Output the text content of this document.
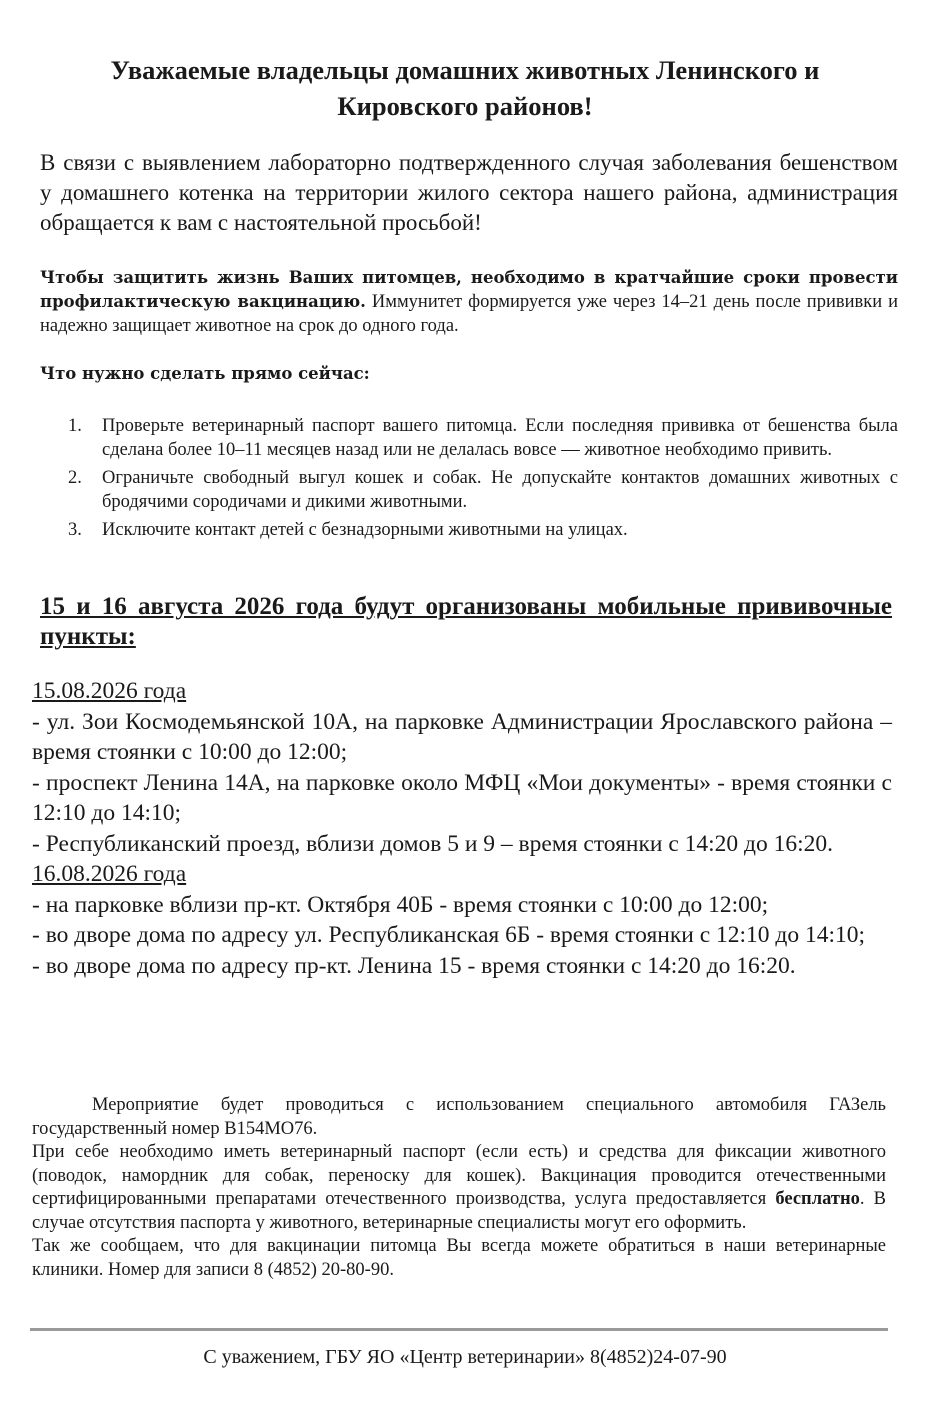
Уважаемые владельцы домашних животных Ленинского и Кировского районов!

В связи с выявлением лабораторно подтвержденного случая заболевания бешенством у домашнего котенка на территории жилого сектора нашего района, администрация обращается к вам с настоятельной просьбой!

Чтобы защитить жизнь Ваших питомцев, необходимо в кратчайшие сроки провести профилактическую вакцинацию. Иммунитет формируется уже через 14–21 день после прививки и надежно защищает животное на срок до одного года.

Что нужно сделать прямо сейчас:

1. Проверьте ветеринарный паспорт вашего питомца. Если последняя прививка от бешенства была сделана более 10–11 месяцев назад или не делалась вовсе — животное необходимо привить.
2. Ограничьте свободный выгул кошек и собак. Не допускайте контактов домашних животных с бродячими сородичами и дикими животными.
3. Исключите контакт детей с безнадзорными животными на улицах.

15 и 16 августа 2026 года будут организованы мобильные прививочные пункты:

15.08.2026 года

- ул. Зои Космодемьянской 10А, на парковке Администрации Ярославского района – время стоянки с 10:00 до 12:00;

- проспект Ленина 14А, на парковке около МФЦ «Мои документы» - время стоянки с 12:10 до 14:10;

- Республиканский проезд, вблизи домов 5 и 9 – время стоянки с 14:20 до 16:20.

16.08.2026 года

- на парковке вблизи пр-кт. Октября 40Б - время стоянки с 10:00 до 12:00;

- во дворе дома по адресу ул. Республиканская 6Б - время стоянки с 12:10 до 14:10;

- во дворе дома по адресу пр-кт. Ленина 15 - время стоянки с 14:20 до 16:20.

Мероприятие будет проводиться с использованием специального автомобиля ГАЗель государственный номер В154МО76.

При себе необходимо иметь ветеринарный паспорт (если есть) и средства для фиксации животного (поводок, намордник для собак, переноску для кошек). Вакцинация проводится отечественными сертифицированными препаратами отечественного производства, услуга предоставляется бесплатно. В случае отсутствия паспорта у животного, ветеринарные специалисты могут его оформить.

Так же сообщаем, что для вакцинации питомца Вы всегда можете обратиться в наши ветеринарные клиники. Номер для записи 8 (4852) 20-80-90.

С уважением, ГБУ ЯО «Центр ветеринарии» 8(4852)24-07-90
